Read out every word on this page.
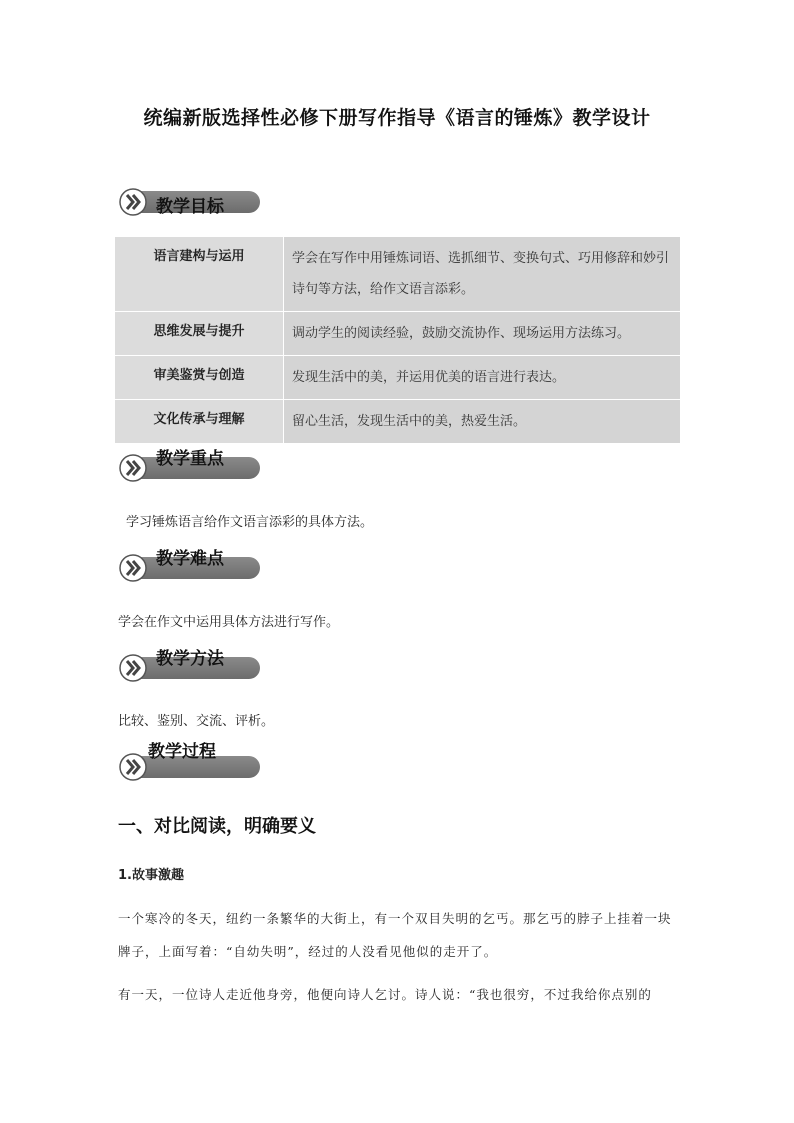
统编新版选择性必修下册写作指导《语言的锤炼》教学设计
教学目标
语言建构与运用	学会在写作中用锤炼词语、选抓细节、变换句式、巧用修辞和妙引诗句等方法，给作文语言添彩。
思维发展与提升	调动学生的阅读经验，鼓励交流协作、现场运用方法练习。
审美鉴赏与创造	发现生活中的美，并运用优美的语言进行表达。
文化传承与理解	留心生活，发现生活中的美，热爱生活。
教学重点
学习锤炼语言给作文语言添彩的具体方法。
教学难点
学会在作文中运用具体方法进行写作。
教学方法
比较、鉴别、交流、评析。
教学过程
一、对比阅读，明确要义
1.故事激趣
一个寒冷的冬天，纽约一条繁华的大街上，有一个双目失明的乞丐。那乞丐的脖子上挂着一块牌子，上面写着：“自幼失明”，经过的人没看见他似的走开了。
有一天，一位诗人走近他身旁，他便向诗人乞讨。诗人说：“我也很穷，不过我给你点别的
